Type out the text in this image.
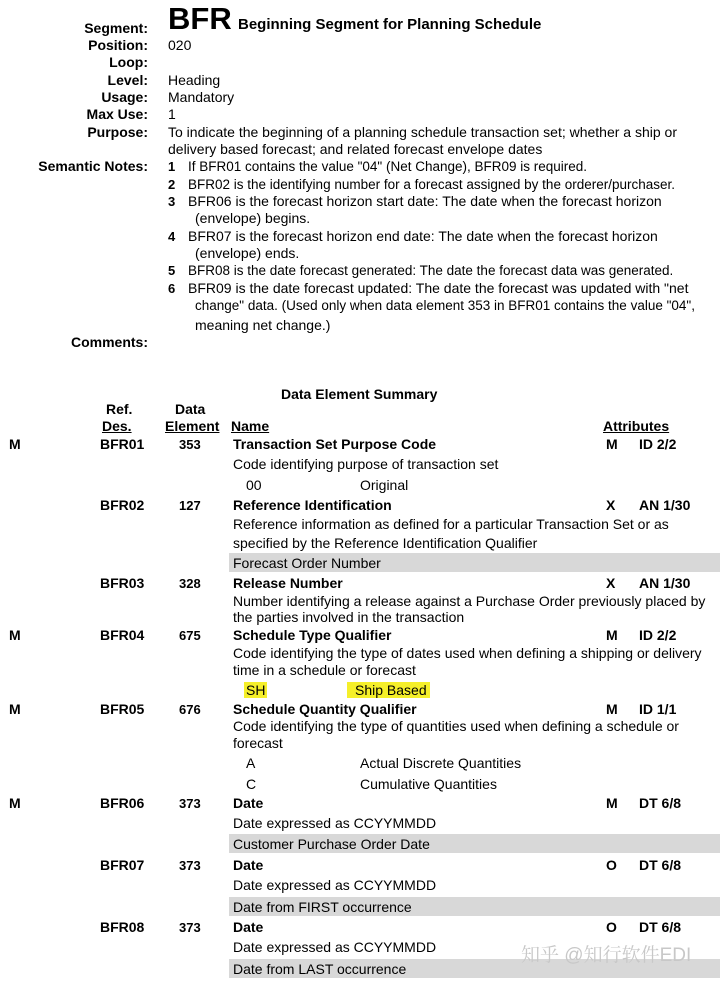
Segment: BFR Beginning Segment for Planning Schedule
Position: 020
Loop:
Level: Heading
Usage: Mandatory
Max Use: 1
Purpose: To indicate the beginning of a planning schedule transaction set; whether a ship or
delivery based forecast; and related forecast envelope dates
Semantic Notes: 1 If BFR01 contains the value "04" (Net Change), BFR09 is required.
2 BFR02 is the identifying number for a forecast assigned by the orderer/purchaser.
3 BFR06 is the forecast horizon start date: The date when the forecast horizon
(envelope) begins.
4 BFR07 is the forecast horizon end date: The date when the forecast horizon
(envelope) ends.
5 BFR08 is the date forecast generated: The date the forecast data was generated.
6 BFR09 is the date forecast updated: The date the forecast was updated with "net
change" data. (Used only when data element 353 in BFR01 contains the value "04",
meaning net change.)
Comments:
Data Element Summary
Ref.
Des.
Data
Element Name	Attributes
M	BFR01	353 Transaction Set Purpose Code	M ID 2/2
Code identifying purpose of transaction set
00	Original
BFR02	127 Reference Identification	X AN 1/30
Reference information as defined for a particular Transaction Set or as
specified by the Reference Identification Qualifier
Forecast Order Number
BFR03	328 Release Number	X AN 1/30
Number identifying a release against a Purchase Order previously placed by
the parties involved in the transaction
M	BFR04	675 Schedule Type Qualifier	M ID 2/2
Code identifying the type of dates used when defining a shipping or delivery
time in a schedule or forecast
SH	Ship Based
M	BFR05	676 Schedule Quantity Qualifier	M ID 1/1
Code identifying the type of quantities used when defining a schedule or
forecast
A	Actual Discrete Quantities
C	Cumulative Quantities
M	BFR06	373 Date	M DT 6/8
Date expressed as CCYYMMDD
Customer Purchase Order Date
BFR07	373 Date	O DT 6/8
Date expressed as CCYYMMDD
Date from FIRST occurrence
BFR08	373 Date	O DT 6/8
Date expressed as CCYYMMDD
Date from LAST occurrence
知乎 @知行软件EDI
